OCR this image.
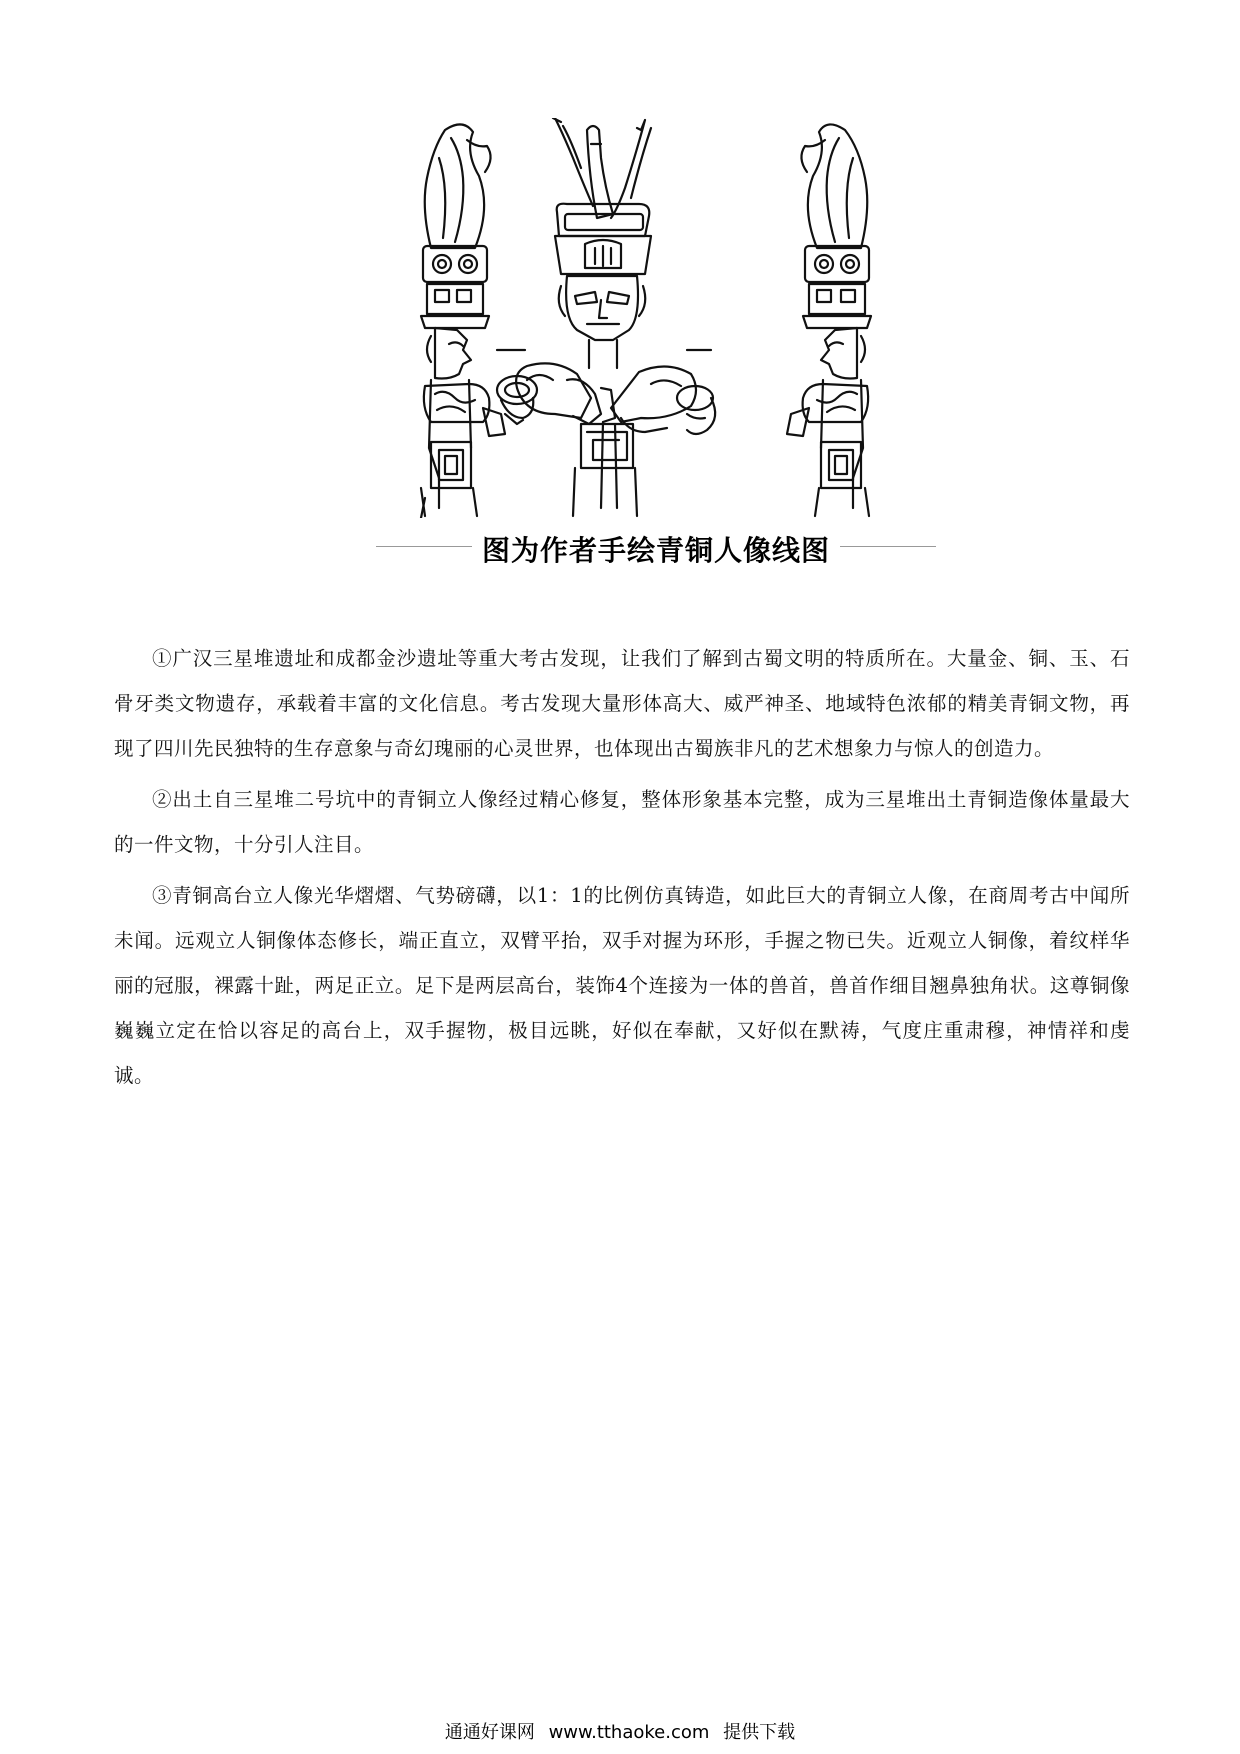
图为作者手绘青铜人像线图

①广汉三星堆遗址和成都金沙遗址等重大考古发现，让我们了解到古蜀文明的特质所在。大量金、铜、玉、石骨牙类文物遗存，承载着丰富的文化信息。考古发现大量形体高大、威严神圣、地域特色浓郁的精美青铜文物，再现了四川先民独特的生存意象与奇幻瑰丽的心灵世界，也体现出古蜀族非凡的艺术想象力与惊人的创造力。

②出土自三星堆二号坑中的青铜立人像经过精心修复，整体形象基本完整，成为三星堆出土青铜造像体量最大的一件文物，十分引人注目。

③青铜高台立人像光华熠熠、气势磅礴，以1：1的比例仿真铸造，如此巨大的青铜立人像，在商周考古中闻所未闻。远观立人铜像体态修长，端正直立，双臂平抬，双手对握为环形，手握之物已失。近观立人铜像，着纹样华丽的冠服，裸露十趾，两足正立。足下是两层高台，装饰4个连接为一体的兽首，兽首作细目翘鼻独角状。这尊铜像巍巍立定在恰以容足的高台上，双手握物，极目远眺，好似在奉献，又好似在默祷，气度庄重肃穆，神情祥和虔诚。

通通好课网 www.tthaoke.com 提供下载
